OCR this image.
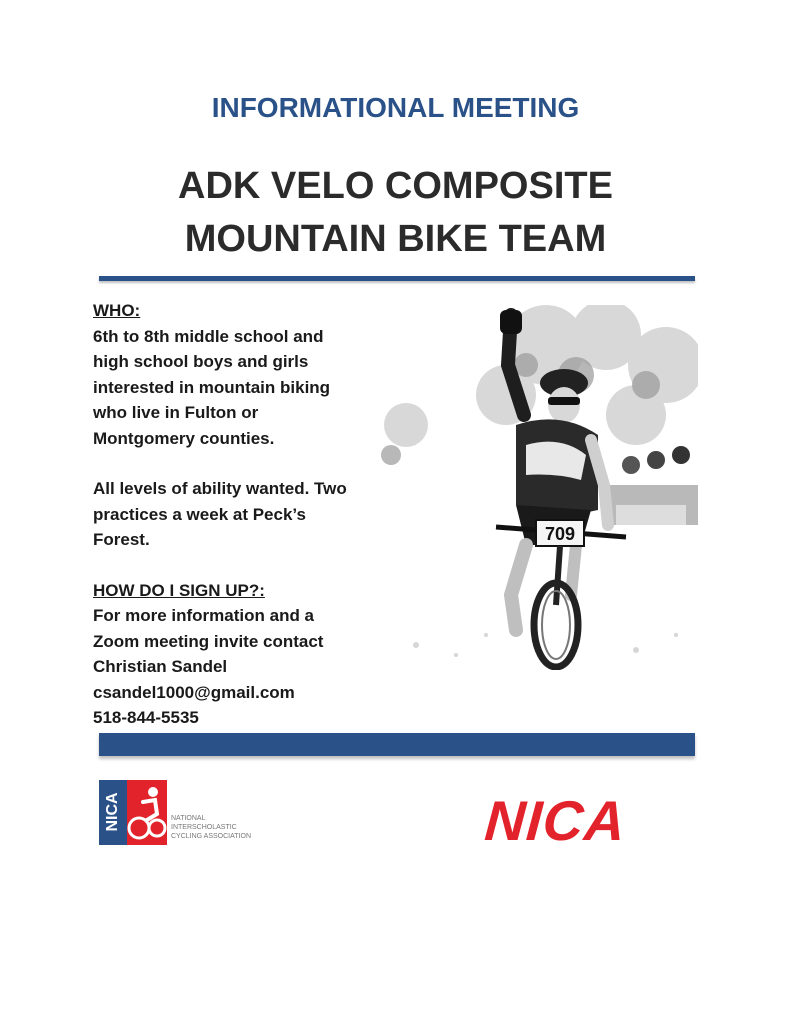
INFORMATIONAL MEETING
ADK VELO COMPOSITE
MOUNTAIN BIKE TEAM
WHO:
6th to 8th middle school and
high school boys and girls
interested in mountain biking
who live in Fulton or
Montgomery counties.
All levels of ability wanted. Two
practices a week at Peck’s
Forest.
HOW DO I SIGN UP?:
For more information and a
Zoom meeting invite contact
Christian Sandel
csandel1000@gmail.com
518-844-5535
709
NICA	NATIONAL
INTERSCHOLASTIC
CYCLING ASSOCIATION	NICA
